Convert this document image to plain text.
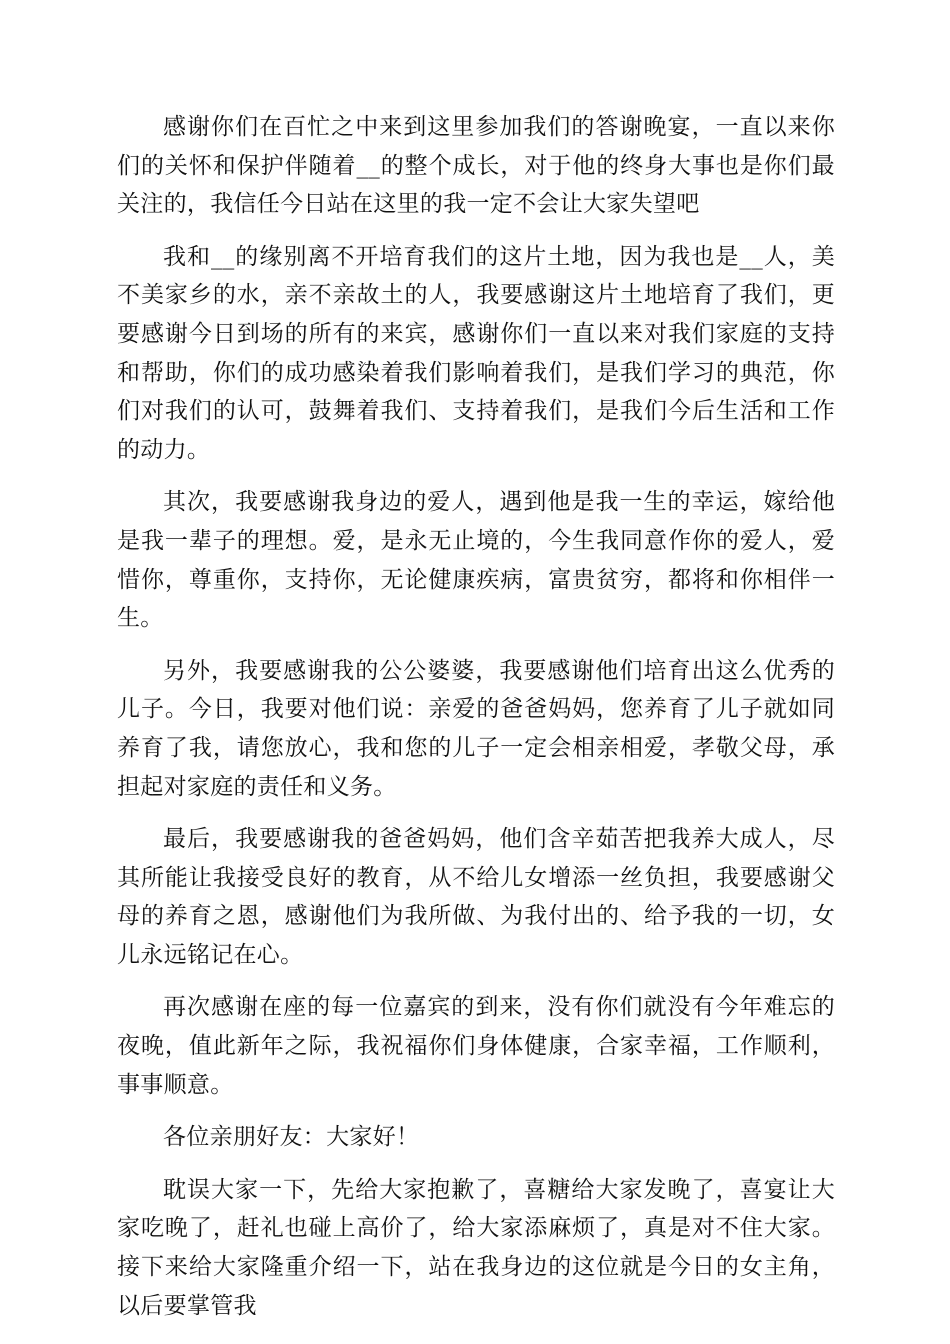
感谢你们在百忙之中来到这里参加我们的答谢晚宴，一直以来你们的关怀和保护伴随着__的整个成长，对于他的终身大事也是你们最关注的，我信任今日站在这里的我一定不会让大家失望吧

我和__的缘别离不开培育我们的这片土地，因为我也是__人，美不美家乡的水，亲不亲故土的人，我要感谢这片土地培育了我们，更要感谢今日到场的所有的来宾，感谢你们一直以来对我们家庭的支持和帮助，你们的成功感染着我们影响着我们，是我们学习的典范，你们对我们的认可，鼓舞着我们、支持着我们，是我们今后生活和工作的动力。

其次，我要感谢我身边的爱人，遇到他是我一生的幸运，嫁给他是我一辈子的理想。爱，是永无止境的，今生我同意作你的爱人，爱惜你，尊重你，支持你，无论健康疾病，富贵贫穷，都将和你相伴一生。

另外，我要感谢我的公公婆婆，我要感谢他们培育出这么优秀的儿子。今日，我要对他们说：亲爱的爸爸妈妈，您养育了儿子就如同养育了我，请您放心，我和您的儿子一定会相亲相爱，孝敬父母，承担起对家庭的责任和义务。

最后，我要感谢我的爸爸妈妈，他们含辛茹苦把我养大成人，尽其所能让我接受良好的教育，从不给儿女增添一丝负担，我要感谢父母的养育之恩，感谢他们为我所做、为我付出的、给予我的一切，女儿永远铭记在心。

再次感谢在座的每一位嘉宾的到来，没有你们就没有今年难忘的夜晚，值此新年之际，我祝福你们身体健康，合家幸福，工作顺利，事事顺意。

各位亲朋好友：大家好！

耽误大家一下，先给大家抱歉了，喜糖给大家发晚了，喜宴让大家吃晚了，赶礼也碰上高价了，给大家添麻烦了，真是对不住大家。接下来给大家隆重介绍一下，站在我身边的这位就是今日的女主角，以后要掌管我
